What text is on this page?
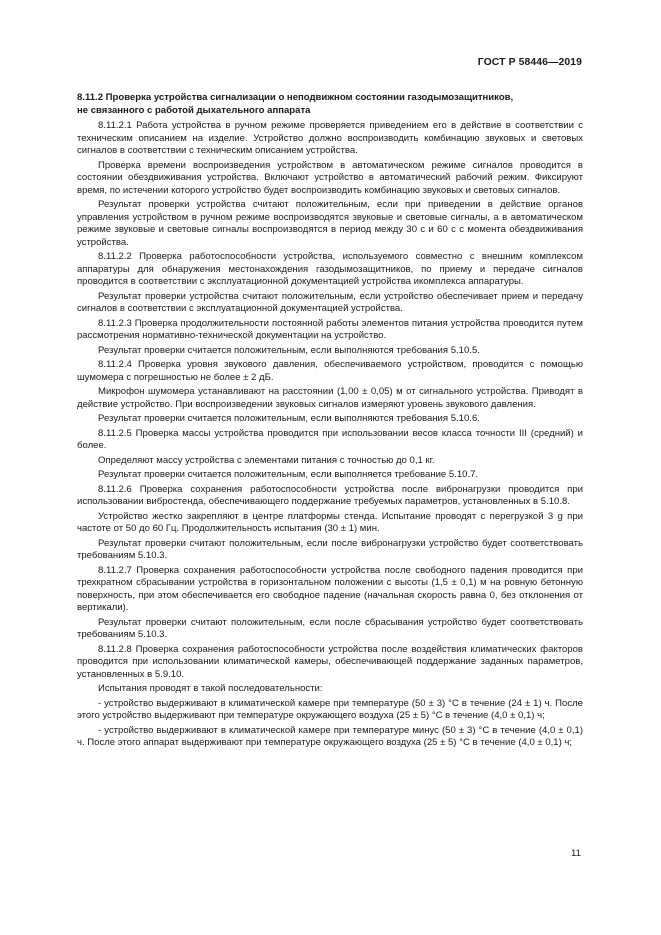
ГОСТ Р 58446—2019
8.11.2 Проверка устройства сигнализации о неподвижном состоянии газодымозащитников,
не связанного с работой дыхательного аппарата

8.11.2.1 Работа устройства в ручном режиме проверяется приведением его в действие в соответствии с техническим описанием на изделие. Устройство должно воспроизводить комбинацию звуковых и световых сигналов в соответствии с техническим описанием устройства.

Проверка времени воспроизведения устройством в автоматическом режиме сигналов проводится в состоянии обездвиживания устройства. Включают устройство в автоматический рабочий режим. Фиксируют время, по истечении которого устройство будет воспроизводить комбинацию звуковых и световых сигналов.

Результат проверки устройства считают положительным, если при приведении в действие органов управления устройством в ручном режиме воспроизводятся звуковые и световые сигналы, а в автоматическом режиме звуковые и световые сигналы воспроизводятся в период между 30 с и 60 с с момента обездвиживания устройства.

8.11.2.2 Проверка работоспособности устройства, используемого совместно с внешним комплексом аппаратуры для обнаружения местонахождения газодымозащитников, по приему и передаче сигналов проводится в соответствии с эксплуатационной документацией устройства икомплекса аппаратуры.

Результат проверки устройства считают положительным, если устройство обеспечивает прием и передачу сигналов в соответствии с эксплуатационной документацией устройства.

8.11.2.3 Проверка продолжительности постоянной работы элементов питания устройства проводится путем рассмотрения нормативно-технической документации на устройство.

Результат проверки считается положительным, если выполняются требования 5.10.5.

8.11.2.4 Проверка уровня звукового давления, обеспечиваемого устройством, проводится с помощью шумомера с погрешностью не более ± 2 дБ.

Микрофон шумомера устанавливают на расстоянии (1,00 ± 0,05) м от сигнального устройства. Приводят в действие устройство. При воспроизведении звуковых сигналов измеряют уровень звукового давления.

Результат проверки считается положительным, если выполняются требования 5.10.6.

8.11.2.5 Проверка массы устройства проводится при использовании весов класса точности III (средний) и более.

Определяют массу устройства с элементами питания с точностью до 0,1 кг.

Результат проверки считается положительным, если выполняется требование 5.10.7.

8.11.2.6 Проверка сохранения работоспособности устройства после вибронагрузки проводится при использовании вибростенда, обеспечивающего поддержание требуемых параметров, установленных в 5.10.8.

Устройство жестко закрепляют в центре платформы стенда. Испытание проводят с перегрузкой 3 g при частоте от 50 до 60 Гц. Продолжительность испытания (30 ± 1) мин.

Результат проверки считают положительным, если после вибронагрузки устройство будет соответствовать требованиям 5.10.3.

8.11.2.7 Проверка сохранения работоспособности устройства после свободного падения проводится при трехкратном сбрасывании устройства в горизонтальном положении с высоты (1,5 ± 0,1) м на ровную бетонную поверхность, при этом обеспечивается его свободное падение (начальная скорость равна 0, без отклонения от вертикали).

Результат проверки считают положительным, если после сбрасывания устройство будет соответствовать требованиям 5.10.3.

8.11.2.8 Проверка сохранения работоспособности устройства после воздействия климатических факторов проводится при использовании климатической камеры, обеспечивающей поддержание заданных параметров, установленных в 5.9.10.

Испытания проводят в такой последовательности:

- устройство выдерживают в климатической камере при температуре (50 ± 3) °С в течение (24 ± 1) ч. После этого устройство выдерживают при температуре окружающего воздуха (25 ± 5) °С в течение (4,0 ± 0,1) ч;

- устройство выдерживают в климатической камере при температуре минус (50 ± 3) °С в течение (4,0 ± 0,1) ч. После этого аппарат выдерживают при температуре окружающего воздуха (25 ± 5) °С в течение (4,0 ± 0,1) ч;

11
